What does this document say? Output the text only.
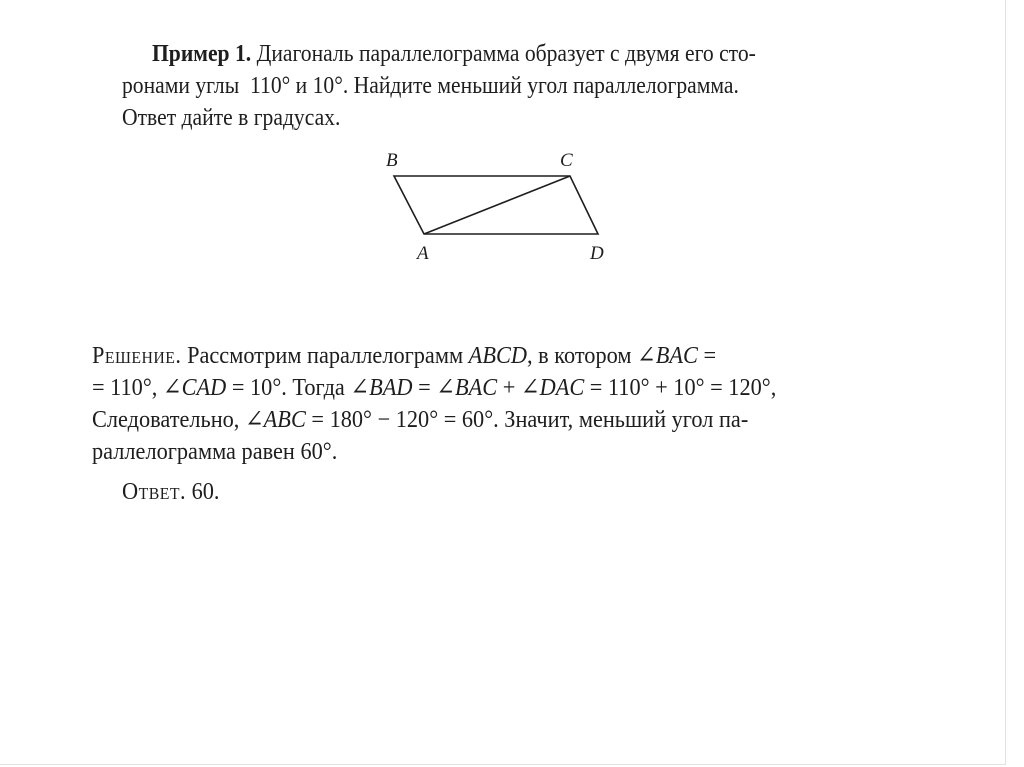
Пример 1. Диагональ параллелограмма образует с двумя его сто-
ронами углы  110° и 10°. Найдите меньший угол параллелограмма.
Ответ дайте в градусах.
B	C
A	D
Решение. Рассмотрим параллелограмм ABCD, в котором ∠BAC =
= 110°, ∠CAD = 10°. Тогда ∠BAD = ∠BAC + ∠DAC = 110° + 10° = 120°,
Следовательно, ∠ABC = 180° − 120° = 60°. Значит, меньший угол па-
раллелограмма равен 60°.
Ответ. 60.
